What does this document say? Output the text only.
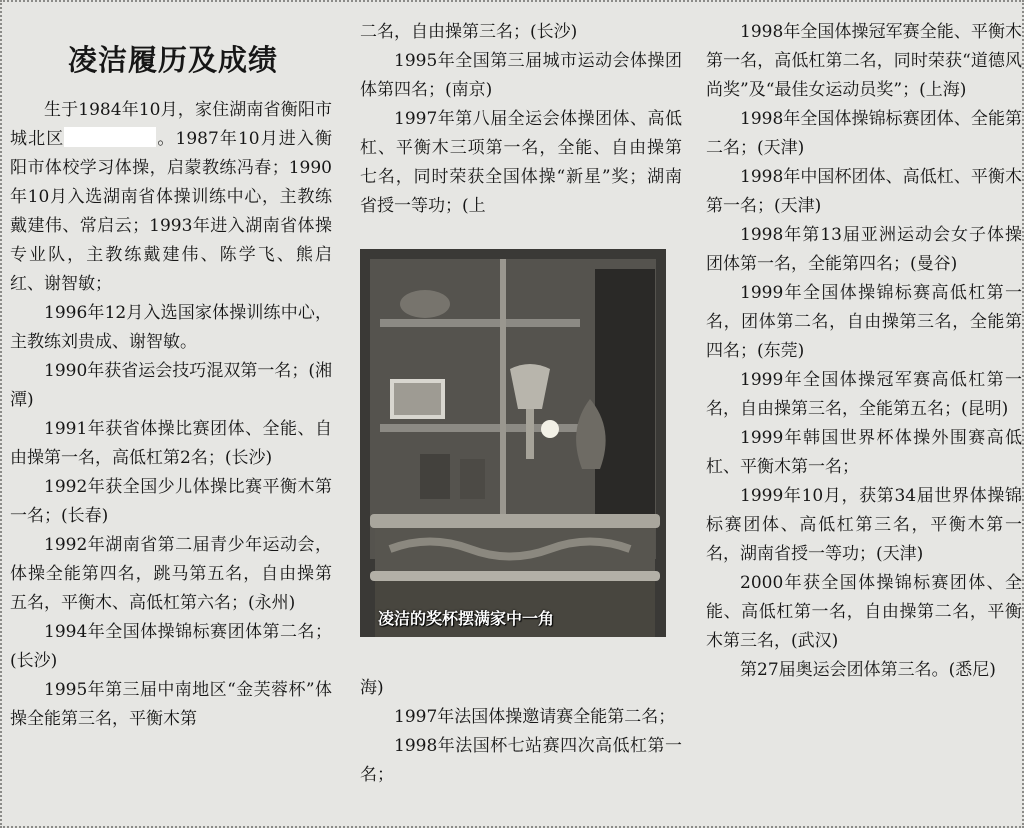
凌洁履历及成绩

生于1984年10月，家住湖南省衡阳市城北区	。1987年10月进入衡阳市体校学习体操，启蒙教练冯春；1990年10月入选湖南省体操训练中心，主教练戴建伟、常启云；1993年进入湖南省体操专业队，主教练戴建伟、陈学飞、熊启红、谢智敏；

1996年12月入选国家体操训练中心，主教练刘贵成、谢智敏。

1990年获省运会技巧混双第一名；(湘潭)

1991年获省体操比赛团体、全能、自由操第一名，高低杠第2名；(长沙)

1992年获全国少儿体操比赛平衡木第一名；(长春)

1992年湖南省第二届青少年运动会，体操全能第四名，跳马第五名，自由操第五名，平衡木、高低杠第六名；(永州)

1994年全国体操锦标赛团体第二名；(长沙)

1995年第三届中南地区“金芙蓉杯”体操全能第三名，平衡木第

二名，自由操第三名；(长沙)

1995年全国第三届城市运动会体操团体第四名；(南京)

1997年第八届全运会体操团体、高低杠、平衡木三项第一名，全能、自由操第七名，同时荣获全国体操“新星”奖；湖南省授一等功；(上

海)

1997年法国体操邀请赛全能第二名；

1998年法国杯七站赛四次高低杠第一名；

凌洁的奖杯摆满家中一角

1998年全国体操冠军赛全能、平衡木第一名，高低杠第二名，同时荣获“道德风尚奖”及“最佳女运动员奖”；(上海)

1998年全国体操锦标赛团体、全能第二名；(天津)

1998年中国杯团体、高低杠、平衡木第一名；(天津)

1998年第13届亚洲运动会女子体操团体第一名，全能第四名；(曼谷)

1999年全国体操锦标赛高低杠第一名，团体第二名，自由操第三名，全能第四名；(东莞)

1999年全国体操冠军赛高低杠第一名，自由操第三名，全能第五名；(昆明)

1999年韩国世界杯体操外围赛高低杠、平衡木第一名；

1999年10月，获第34届世界体操锦标赛团体、高低杠第三名，平衡木第一名，湖南省授一等功；(天津)

2000年获全国体操锦标赛团体、全能、高低杠第一名，自由操第二名，平衡木第三名，(武汉)

第27届奥运会团体第三名。(悉尼)
